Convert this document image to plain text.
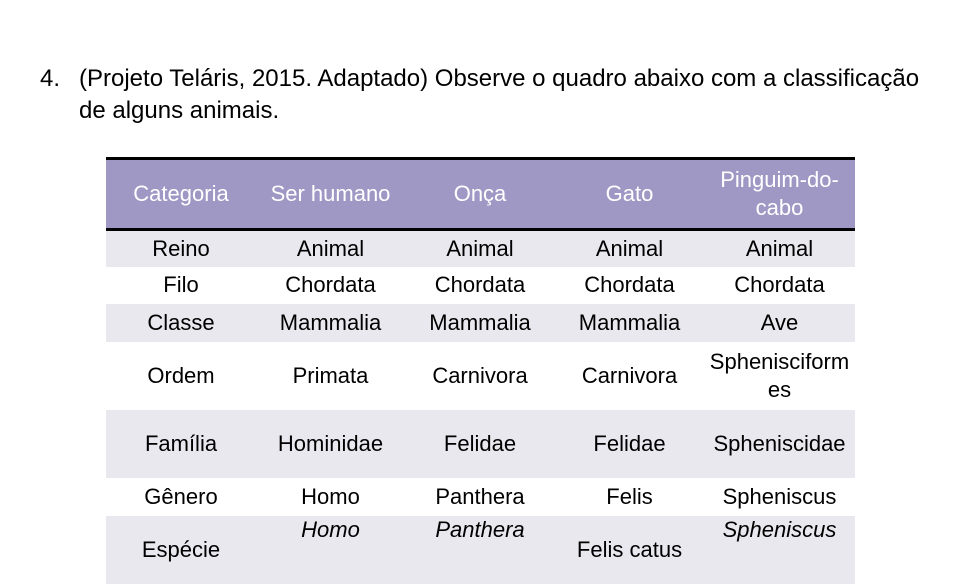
4. (Projeto Teláris, 2015. Adaptado) Observe o quadro abaixo com a classificação de alguns animais.
Categoria	Ser humano	Onça	Gato	Pinguim-do-cabo
Reino	Animal	Animal	Animal	Animal
Filo	Chordata	Chordata	Chordata	Chordata
Classe	Mammalia	Mammalia	Mammalia	Ave
Ordem	Primata	Carnivora	Carnivora	Sphenisciformes
Família	Hominidae	Felidae	Felidae	Spheniscidae
Gênero	Homo	Panthera	Felis	Spheniscus
Espécie	Homo	Panthera	Felis catus	Spheniscus
